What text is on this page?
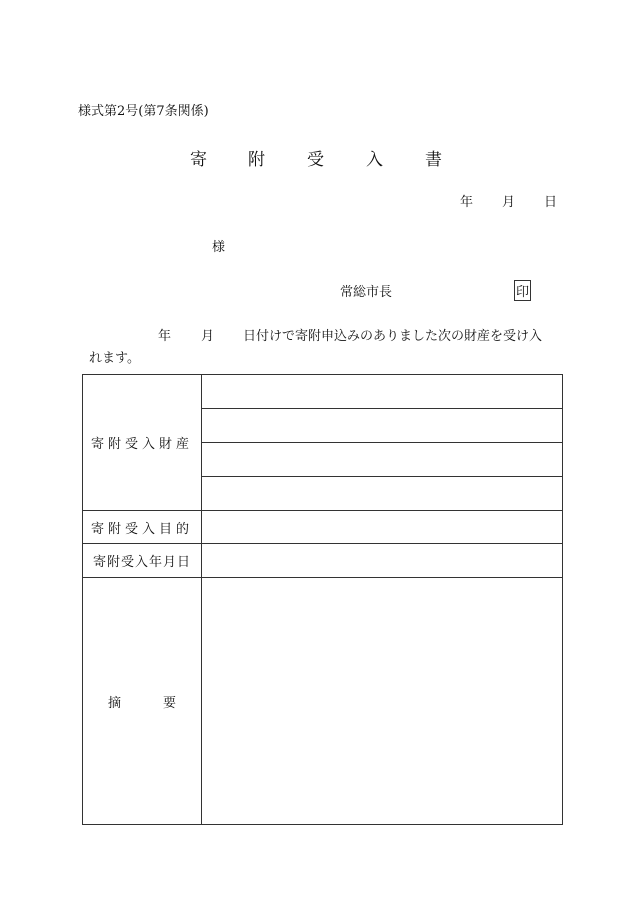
様式第2号(第7条関係)
寄 附 受 入 書
年 月 日
様
常総市長	印
年 月 日付けで寄附申込みのありました次の財産を受け入
れます。
寄附受入財産	

寄附受入目的	
寄附受入年月日	
摘 要	
